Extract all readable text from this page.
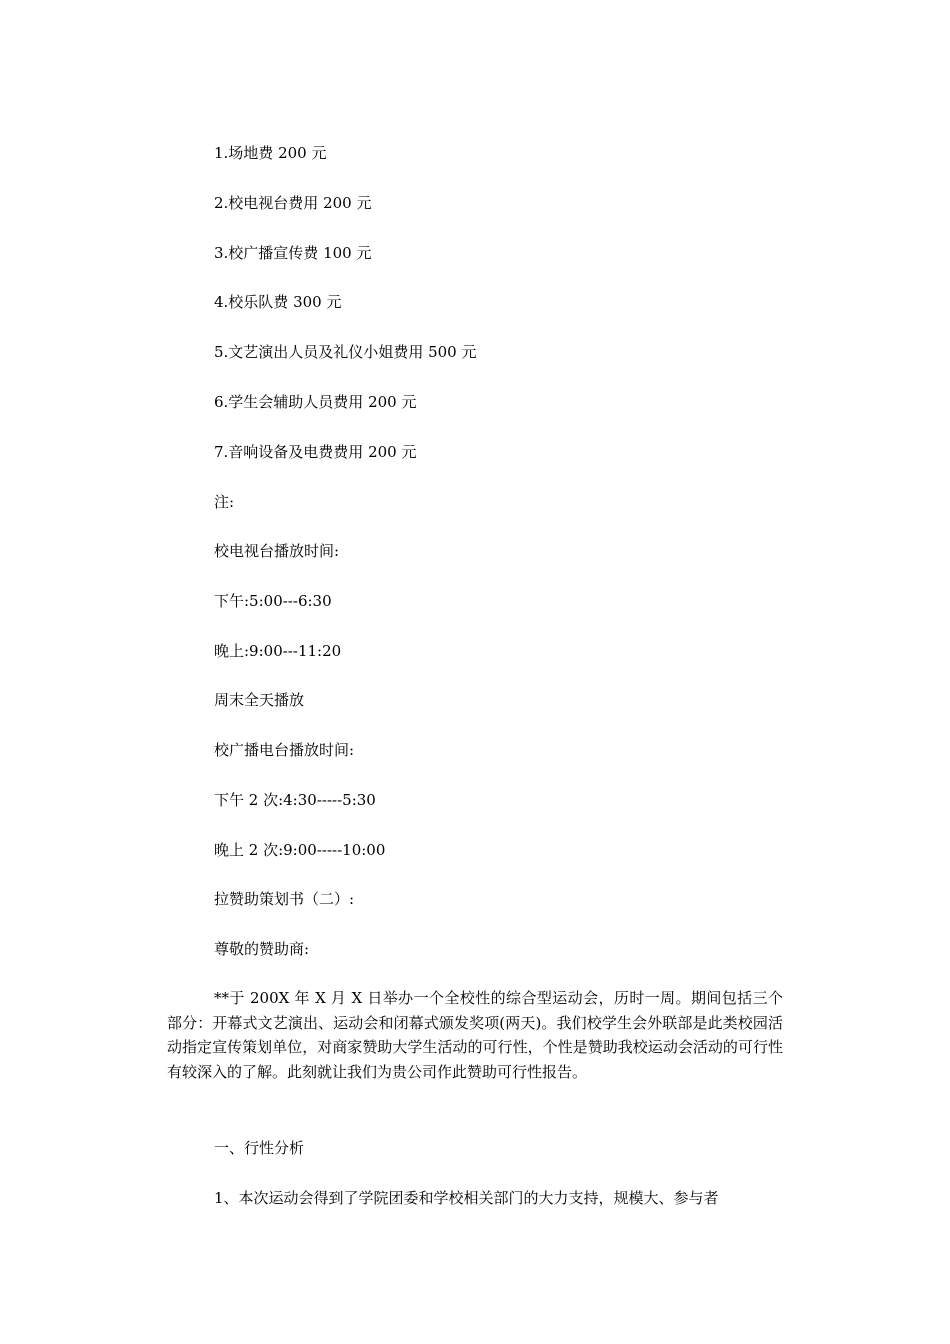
1.场地费 200 元
2.校电视台费用 200 元
3.校广播宣传费 100 元
4.校乐队费 300 元
5.文艺演出人员及礼仪小姐费用 500 元
6.学生会辅助人员费用 200 元
7.音响设备及电费费用 200 元
注:
校电视台播放时间:
下午:5:00---6:30
晚上:9:00---11:20
周末全天播放
校广播电台播放时间:
下午 2 次:4:30-----5:30
晚上 2 次:9:00-----10:00
拉赞助策划书（二）:
尊敬的赞助商:
**于 200X 年 X 月 X 日举办一个全校性的综合型运动会，历时一周。期间包括三个部分：开幕式文艺演出、运动会和闭幕式颁发奖项(两天)。我们校学生会外联部是此类校园活动指定宣传策划单位，对商家赞助大学生活动的可行性，个性是赞助我校运动会活动的可行性有较深入的了解。此刻就让我们为贵公司作此赞助可行性报告。
一、行性分析
1、本次运动会得到了学院团委和学校相关部门的大力支持，规模大、参与者
